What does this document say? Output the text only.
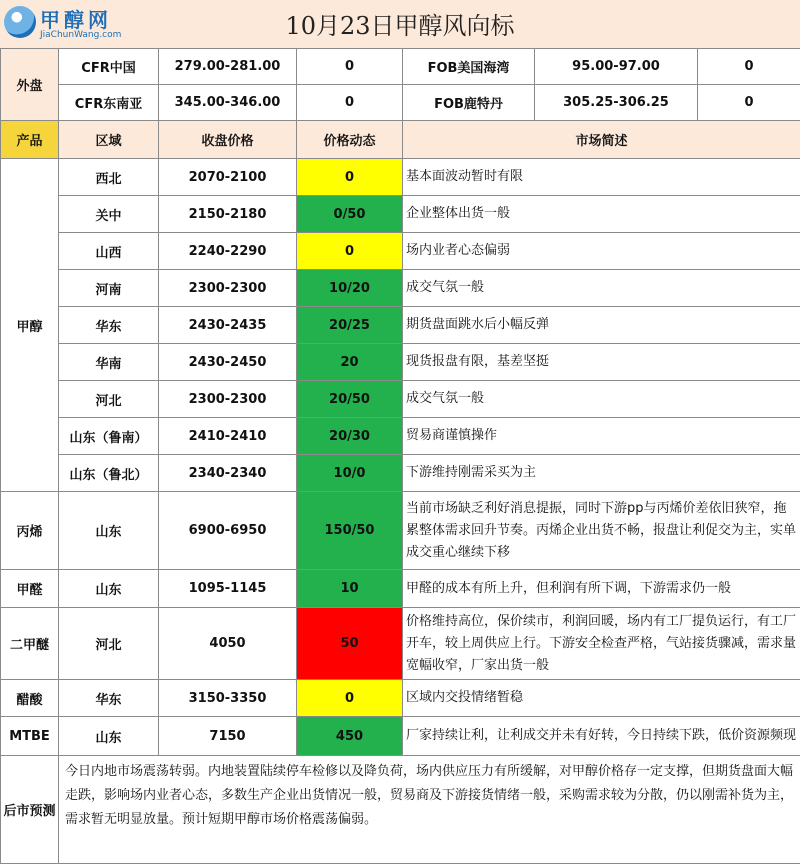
甲醇网
JiaChunWang.com	10月23日甲醇风向标
外盘	CFR中国	279.00-281.00	0	FOB美国海湾	95.00-97.00	0
	CFR东南亚	345.00-346.00	0	FOB鹿特丹	305.25-306.25	0
产品	区域	收盘价格	价格动态	市场简述		
甲醇	西北	2070-2100	0	基本面波动暂时有限		
	关中	2150-2180	0/50	企业整体出货一般		
	山西	2240-2290	0	场内业者心态偏弱		
	河南	2300-2300	10/20	成交气氛一般		
	华东	2430-2435	20/25	期货盘面跳水后小幅反弹		
	华南	2430-2450	20	现货报盘有限，基差坚挺		
	河北	2300-2300	20/50	成交气氛一般		
	山东（鲁南）	2410-2410	20/30	贸易商谨慎操作		
	山东（鲁北）	2340-2340	10/0	下游维持刚需采买为主		
丙烯	山东	6900-6950	150/50	当前市场缺乏利好消息提振，同时下游pp与丙烯价差依旧狭窄，拖累整体需求回升节奏。丙烯企业出货不畅，报盘让利促交为主，实单成交重心继续下移		
甲醛	山东	1095-1145	10	甲醛的成本有所上升，但利润有所下调，下游需求仍一般		
二甲醚	河北	4050	50	价格维持高位，保价续市，利润回暖，场内有工厂提负运行，有工厂开车，较上周供应上行。下游安全检查严格，气站接货骤减，需求量宽幅收窄，厂家出货一般		
醋酸	华东	3150-3350	0	区域内交投情绪暂稳		
MTBE	山东	7150	450	厂家持续让利，让利成交并未有好转，今日持续下跌，低价资源频现		
后市预测	今日内地市场震荡转弱。内地装置陆续停车检修以及降负荷，场内供应压力有所缓解，对甲醇价格存一定支撑，但期货盘面大幅走跌，影响场内业者心态，多数生产企业出货情况一般，贸易商及下游接货情绪一般，采购需求较为分散，仍以刚需补货为主，需求暂无明显放量。预计短期甲醇市场价格震荡偏弱。					
